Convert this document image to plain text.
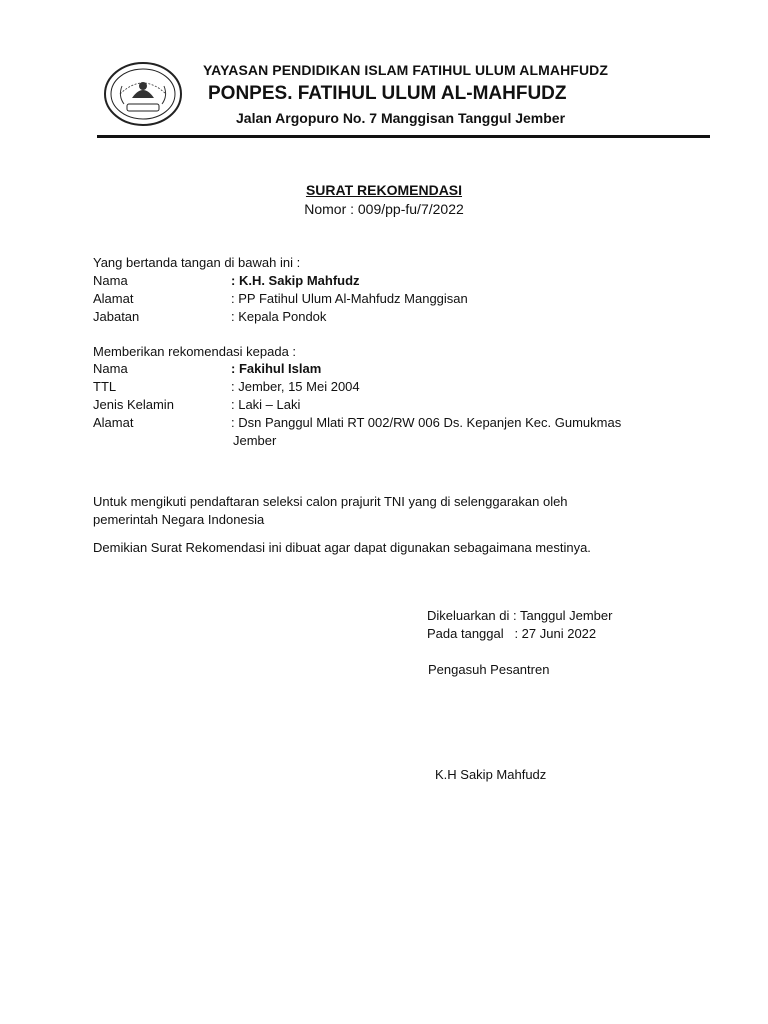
YAYASAN PENDIDIKAN ISLAM FATIHUL ULUM ALMAHFUDZ
PONPES. FATIHUL ULUM AL-MAHFUDZ
Jalan Argopuro No. 7 Manggisan Tanggul Jember
SURAT REKOMENDASI
Nomor : 009/pp-fu/7/2022
Yang bertanda tangan di bawah ini :
Nama	: K.H. Sakip Mahfudz
Alamat	: PP Fatihul Ulum Al-Mahfudz Manggisan
Jabatan	: Kepala Pondok
Memberikan rekomendasi kepada :
Nama	: Fakihul Islam
TTL	: Jember, 15 Mei 2004
Jenis Kelamin	: Laki – Laki
Alamat	: Dsn Panggul Mlati RT 002/RW 006 Ds. Kepanjen Kec. Gumukmas
Jember
Untuk mengikuti pendaftaran seleksi calon prajurit TNI yang di selenggarakan oleh
pemerintah Negara Indonesia
Demikian Surat Rekomendasi ini dibuat agar dapat digunakan sebagaimana mestinya.
Dikeluarkan di : Tanggul Jember
Pada tanggal   : 27 Juni 2022
Pengasuh Pesantren
K.H Sakip Mahfudz
